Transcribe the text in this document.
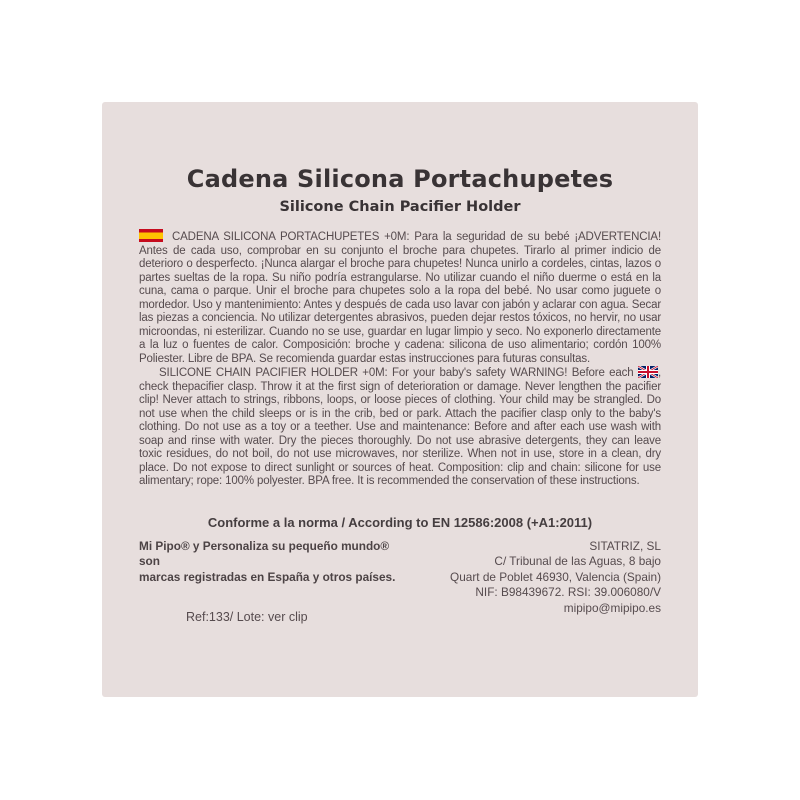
Cadena Silicona Portachupetes
Silicone Chain Pacifier Holder

CADENA SILICONA PORTACHUPETES +0M: Para la seguridad de su bebé ¡ADVERTENCIA! Antes de cada uso, comprobar en su conjunto el broche para chupetes. Tirarlo al primer indicio de deterioro o desperfecto. ¡Nunca alargar el broche para chupetes! Nunca unirlo a cordeles, cintas, lazos o partes sueltas de la ropa. Su niño podría estrangularse. No utilizar cuando el niño duerme o está en la cuna, cama o parque. Unir el broche para chupetes solo a la ropa del bebé. No usar como juguete o mordedor. Uso y mantenimiento: Antes y después de cada uso lavar con jabón y aclarar con agua. Secar las piezas a conciencia. No utilizar detergentes abrasivos, pueden dejar restos tóxicos, no hervir, no usar microondas, ni esterilizar. Cuando no se use, guardar en lugar limpio y seco. No exponerlo directamente a la luz o fuentes de calor. Composición: broche y cadena: silicona de uso alimentario; cordón 100% Poliester. Libre de BPA. Se recomienda guardar estas instrucciones para futuras consultas.

SILICONE CHAIN PACIFIER HOLDER +0M: For your baby's safety WARNING! Before each , check thepacifier clasp. Throw it at the first sign of deterioration or damage. Never lengthen the pacifier clip! Never attach to strings, ribbons, loops, or loose pieces of clothing. Your child may be strangled. Do not use when the child sleeps or is in the crib, bed or park. Attach the pacifier clasp only to the baby's clothing. Do not use as a toy or a teether. Use and maintenance: Before and after each use wash with soap and rinse with water. Dry the pieces thoroughly. Do not use abrasive detergents, they can leave toxic residues, do not boil, do not use microwaves, nor sterilize. When not in use, store in a clean, dry place. Do not expose to direct sunlight or sources of heat. Composition: clip and chain: silicone for use alimentary; rope: 100% polyester. BPA free. It is recommended the conservation of these instructions.

Conforme a la norma / According to EN 12586:2008 (+A1:2011)
Mi Pipo® y Personaliza su pequeño mundo® son
marcas registradas en España y otros países.
Ref:133/ Lote: ver clip
SITATRIZ, SL
C/ Tribunal de las Aguas, 8 bajo
Quart de Poblet 46930, Valencia (Spain)
NIF: B98439672. RSI: 39.006080/V
mipipo@mipipo.es
